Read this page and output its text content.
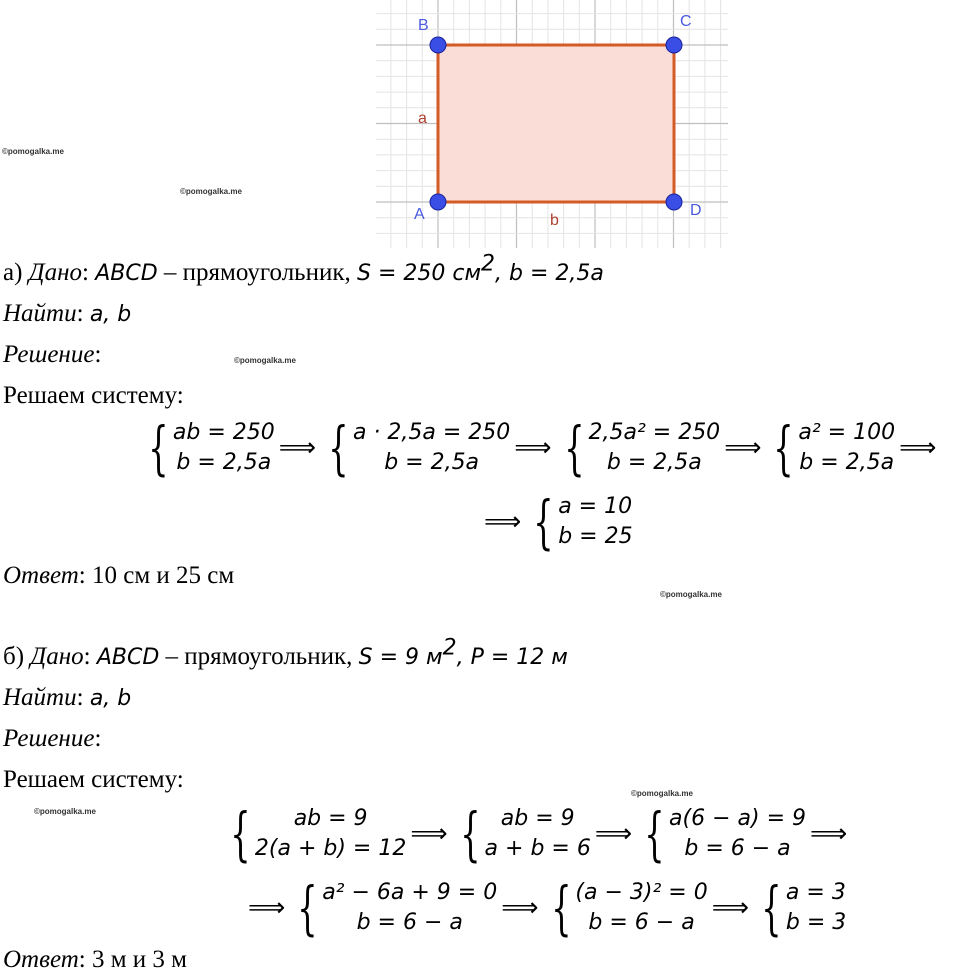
B	C
A	D
a
b
©pomogalka.me
©pomogalka.me
©pomogalka.me
©pomogalka.me
©pomogalka.me
©pomogalka.me
а) Дано: ABCD – прямоугольник, S = 250 $см^2$, b = 2,5a
Найти: a, b
Решение:
Решаем систему:
{ ab = 250
b = 2,5a ⟹ { a · 2,5a = 250
b = 2,5a ⟹ { 2,5a² = 250
b = 2,5a ⟹ { a² = 100
b = 2,5a ⟹
⟹ { a = 10
b = 25
Ответ: 10 см и 25 см
б) Дано: ABCD – прямоугольник, S = 9 $м^2$, P = 12 м
Найти: a, b
Решение:
Решаем систему:
{ ab = 9
2(a + b) = 12 ⟹ { ab = 9
a + b = 6 ⟹ { a(6 − a) = 9
b = 6 − a ⟹
⟹ { a² − 6a + 9 = 0
b = 6 − a ⟹ { (a − 3)² = 0
b = 6 − a ⟹ { a = 3
b = 3
Ответ: 3 м и 3 м
